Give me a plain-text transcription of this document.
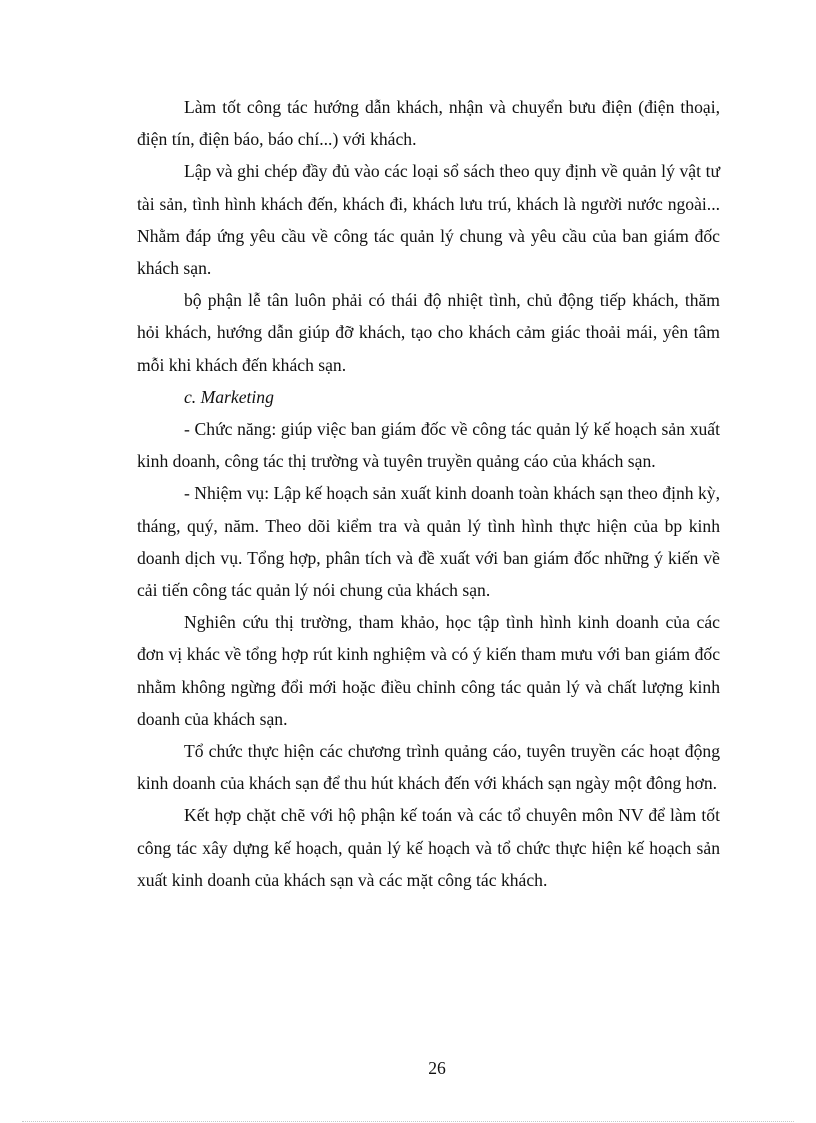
Làm tốt công tác hướng dẫn khách, nhận và chuyển bưu điện (điện thoại, điện tín, điện báo, báo chí...) với khách.

Lập và ghi chép đầy đủ vào các loại sổ sách theo quy định về quản lý vật tư tài sản, tình hình khách đến, khách đi, khách lưu trú, khách là người nước ngoài... Nhằm đáp ứng yêu cầu về công tác quản lý chung và yêu cầu của ban giám đốc khách sạn.

bộ phận lễ tân luôn phải có thái độ nhiệt tình, chủ động tiếp khách, thăm hỏi khách, hướng dẫn giúp đỡ khách, tạo cho khách cảm giác thoải mái, yên tâm mỗi khi khách đến khách sạn.

c. Marketing

- Chức năng: giúp việc ban giám đốc về công tác quản lý kế hoạch sản xuất kinh doanh, công tác thị trường và tuyên truyền quảng cáo của khách sạn.

- Nhiệm vụ: Lập kế hoạch sản xuất kinh doanh toàn khách sạn theo định kỳ, tháng, quý, năm. Theo dõi kiểm tra và quản lý tình hình thực hiện của bp kinh doanh dịch vụ. Tổng hợp, phân tích và đề xuất với ban giám đốc những ý kiến về cải tiến công tác quản lý nói chung của khách sạn.

Nghiên cứu thị trường, tham khảo, học tập tình hình kinh doanh của các đơn vị khác về tổng hợp rút kinh nghiệm và có ý kiến tham mưu với ban giám đốc nhằm không ngừng đổi mới hoặc điều chỉnh công tác quản lý và chất lượng kinh doanh của khách sạn.

Tổ chức thực hiện các chương trình quảng cáo, tuyên truyền các hoạt động kinh doanh của khách sạn để thu hút khách đến với khách sạn ngày một đông hơn.

Kết hợp chặt chẽ với hộ phận kế toán và các tổ chuyên môn NV để làm tốt công tác xây dựng kế hoạch, quản lý kế hoạch và tổ chức thực hiện kế hoạch sản xuất kinh doanh của khách sạn và các mặt công tác khách.

26
